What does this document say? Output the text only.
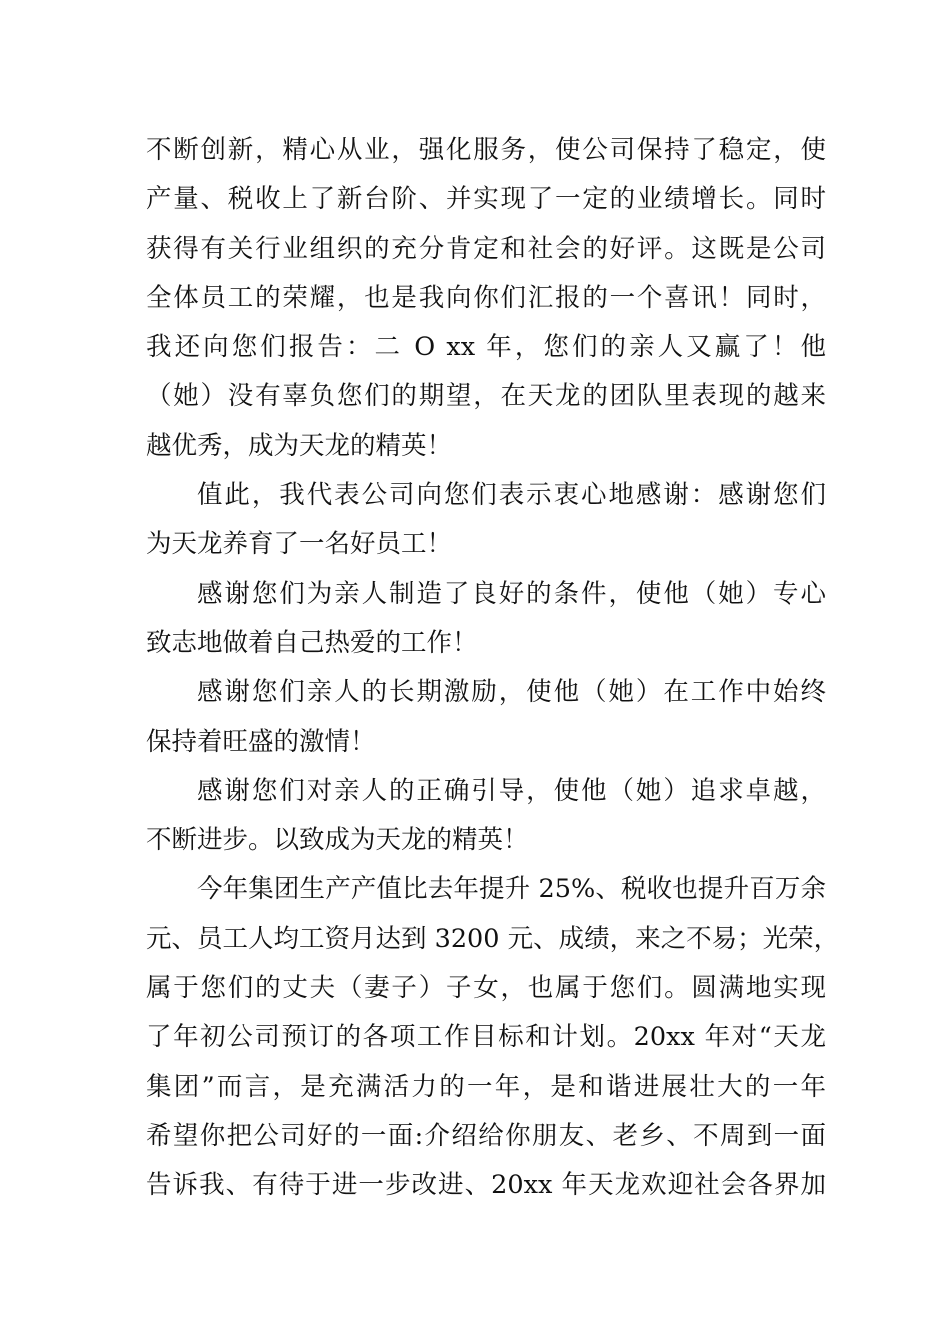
不断创新，精心从业，强化服务，使公司保持了稳定，使
产量、税收上了新台阶、并实现了一定的业绩增长。同时
获得有关行业组织的充分肯定和社会的好评。这既是公司
全体员工的荣耀，也是我向你们汇报的一个喜讯！同时，
我还向您们报告：二 O xx 年，您们的亲人又赢了！他
（她）没有辜负您们的期望，在天龙的团队里表现的越来
越优秀，成为天龙的精英！
值此，我代表公司向您们表示衷心地感谢：感谢您们
为天龙养育了一名好员工！
感谢您们为亲人制造了良好的条件，使他（她）专心
致志地做着自己热爱的工作！
感谢您们亲人的长期激励，使他（她）在工作中始终
保持着旺盛的激情！
感谢您们对亲人的正确引导，使他（她）追求卓越，
不断进步。以致成为天龙的精英！
今年集团生产产值比去年提升 25%、税收也提升百万余
元、员工人均工资月达到 3200 元、成绩，来之不易；光荣，
属于您们的丈夫（妻子）子女，也属于您们。圆满地实现
了年初公司预订的各项工作目标和计划。20xx 年对“天龙
集团”而言，是充满活力的一年，是和谐进展壮大的一年
希望你把公司好的一面:介绍给你朋友、老乡、不周到一面
告诉我、有待于进一步改进、20xx 年天龙欢迎社会各界加
